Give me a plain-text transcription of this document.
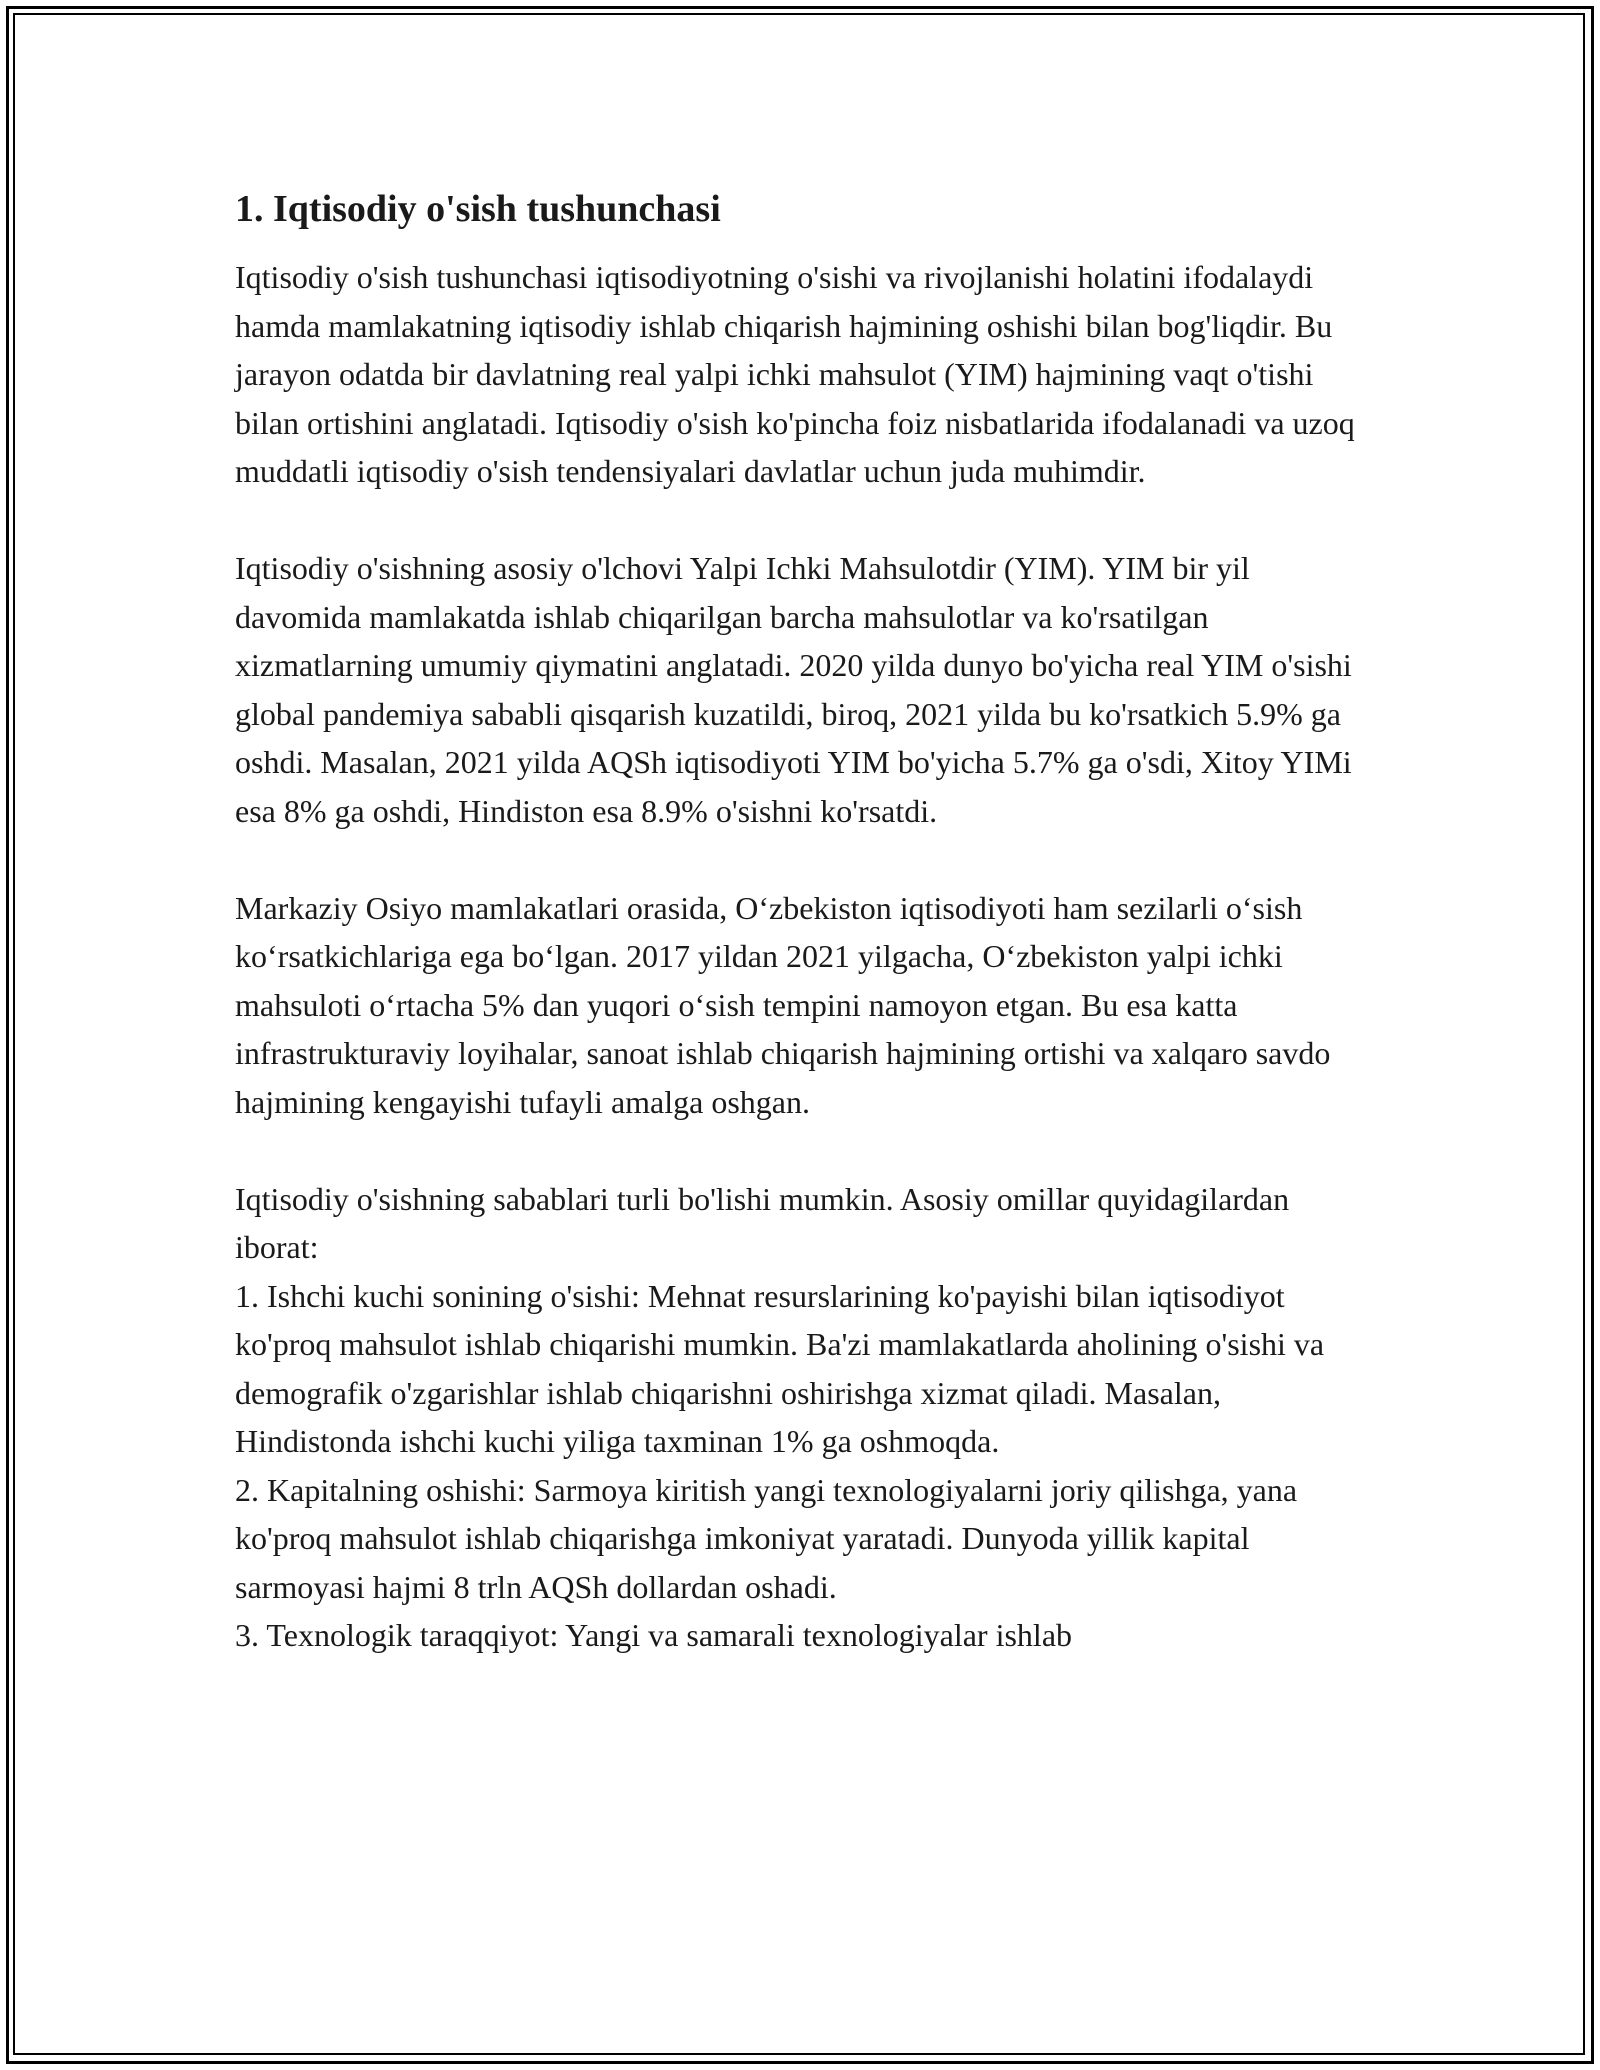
1. Iqtisodiy o'sish tushunchasi

Iqtisodiy o'sish tushunchasi iqtisodiyotning o'sishi va rivojlanishi holatini ifodalaydi hamda mamlakatning iqtisodiy ishlab chiqarish hajmining oshishi bilan bog'liqdir. Bu jarayon odatda bir davlatning real yalpi ichki mahsulot (YIM) hajmining vaqt o'tishi bilan ortishini anglatadi. Iqtisodiy o'sish ko'pincha foiz nisbatlarida ifodalanadi va uzoq muddatli iqtisodiy o'sish tendensiyalari davlatlar uchun juda muhimdir.

Iqtisodiy o'sishning asosiy o'lchovi Yalpi Ichki Mahsulotdir (YIM). YIM bir yil davomida mamlakatda ishlab chiqarilgan barcha mahsulotlar va ko'rsatilgan xizmatlarning umumiy qiymatini anglatadi. 2020 yilda dunyo bo'yicha real YIM o'sishi global pandemiya sababli qisqarish kuzatildi, biroq, 2021 yilda bu ko'rsatkich 5.9% ga oshdi. Masalan, 2021 yilda AQSh iqtisodiyoti YIM bo'yicha 5.7% ga o'sdi, Xitoy YIMi esa 8% ga oshdi, Hindiston esa 8.9% o'sishni ko'rsatdi.

Markaziy Osiyo mamlakatlari orasida, O‘zbekiston iqtisodiyoti ham sezilarli o‘sish ko‘rsatkichlariga ega bo‘lgan. 2017 yildan 2021 yilgacha, O‘zbekiston yalpi ichki mahsuloti o‘rtacha 5% dan yuqori o‘sish tempini namoyon etgan. Bu esa katta infrastrukturaviy loyihalar, sanoat ishlab chiqarish hajmining ortishi va xalqaro savdo hajmining kengayishi tufayli amalga oshgan.

Iqtisodiy o'sishning sabablari turli bo'lishi mumkin. Asosiy omillar quyidagilardan iborat:

1. Ishchi kuchi sonining o'sishi: Mehnat resurslarining ko'payishi bilan iqtisodiyot ko'proq mahsulot ishlab chiqarishi mumkin. Ba'zi mamlakatlarda aholining o'sishi va demografik o'zgarishlar ishlab chiqarishni oshirishga xizmat qiladi. Masalan, Hindistonda ishchi kuchi yiliga taxminan 1% ga oshmoqda.

2. Kapitalning oshishi: Sarmoya kiritish yangi texnologiyalarni joriy qilishga, yana ko'proq mahsulot ishlab chiqarishga imkoniyat yaratadi. Dunyoda yillik kapital sarmoyasi hajmi 8 trln AQSh dollardan oshadi.

3. Texnologik taraqqiyot: Yangi va samarali texnologiyalar ishlab
